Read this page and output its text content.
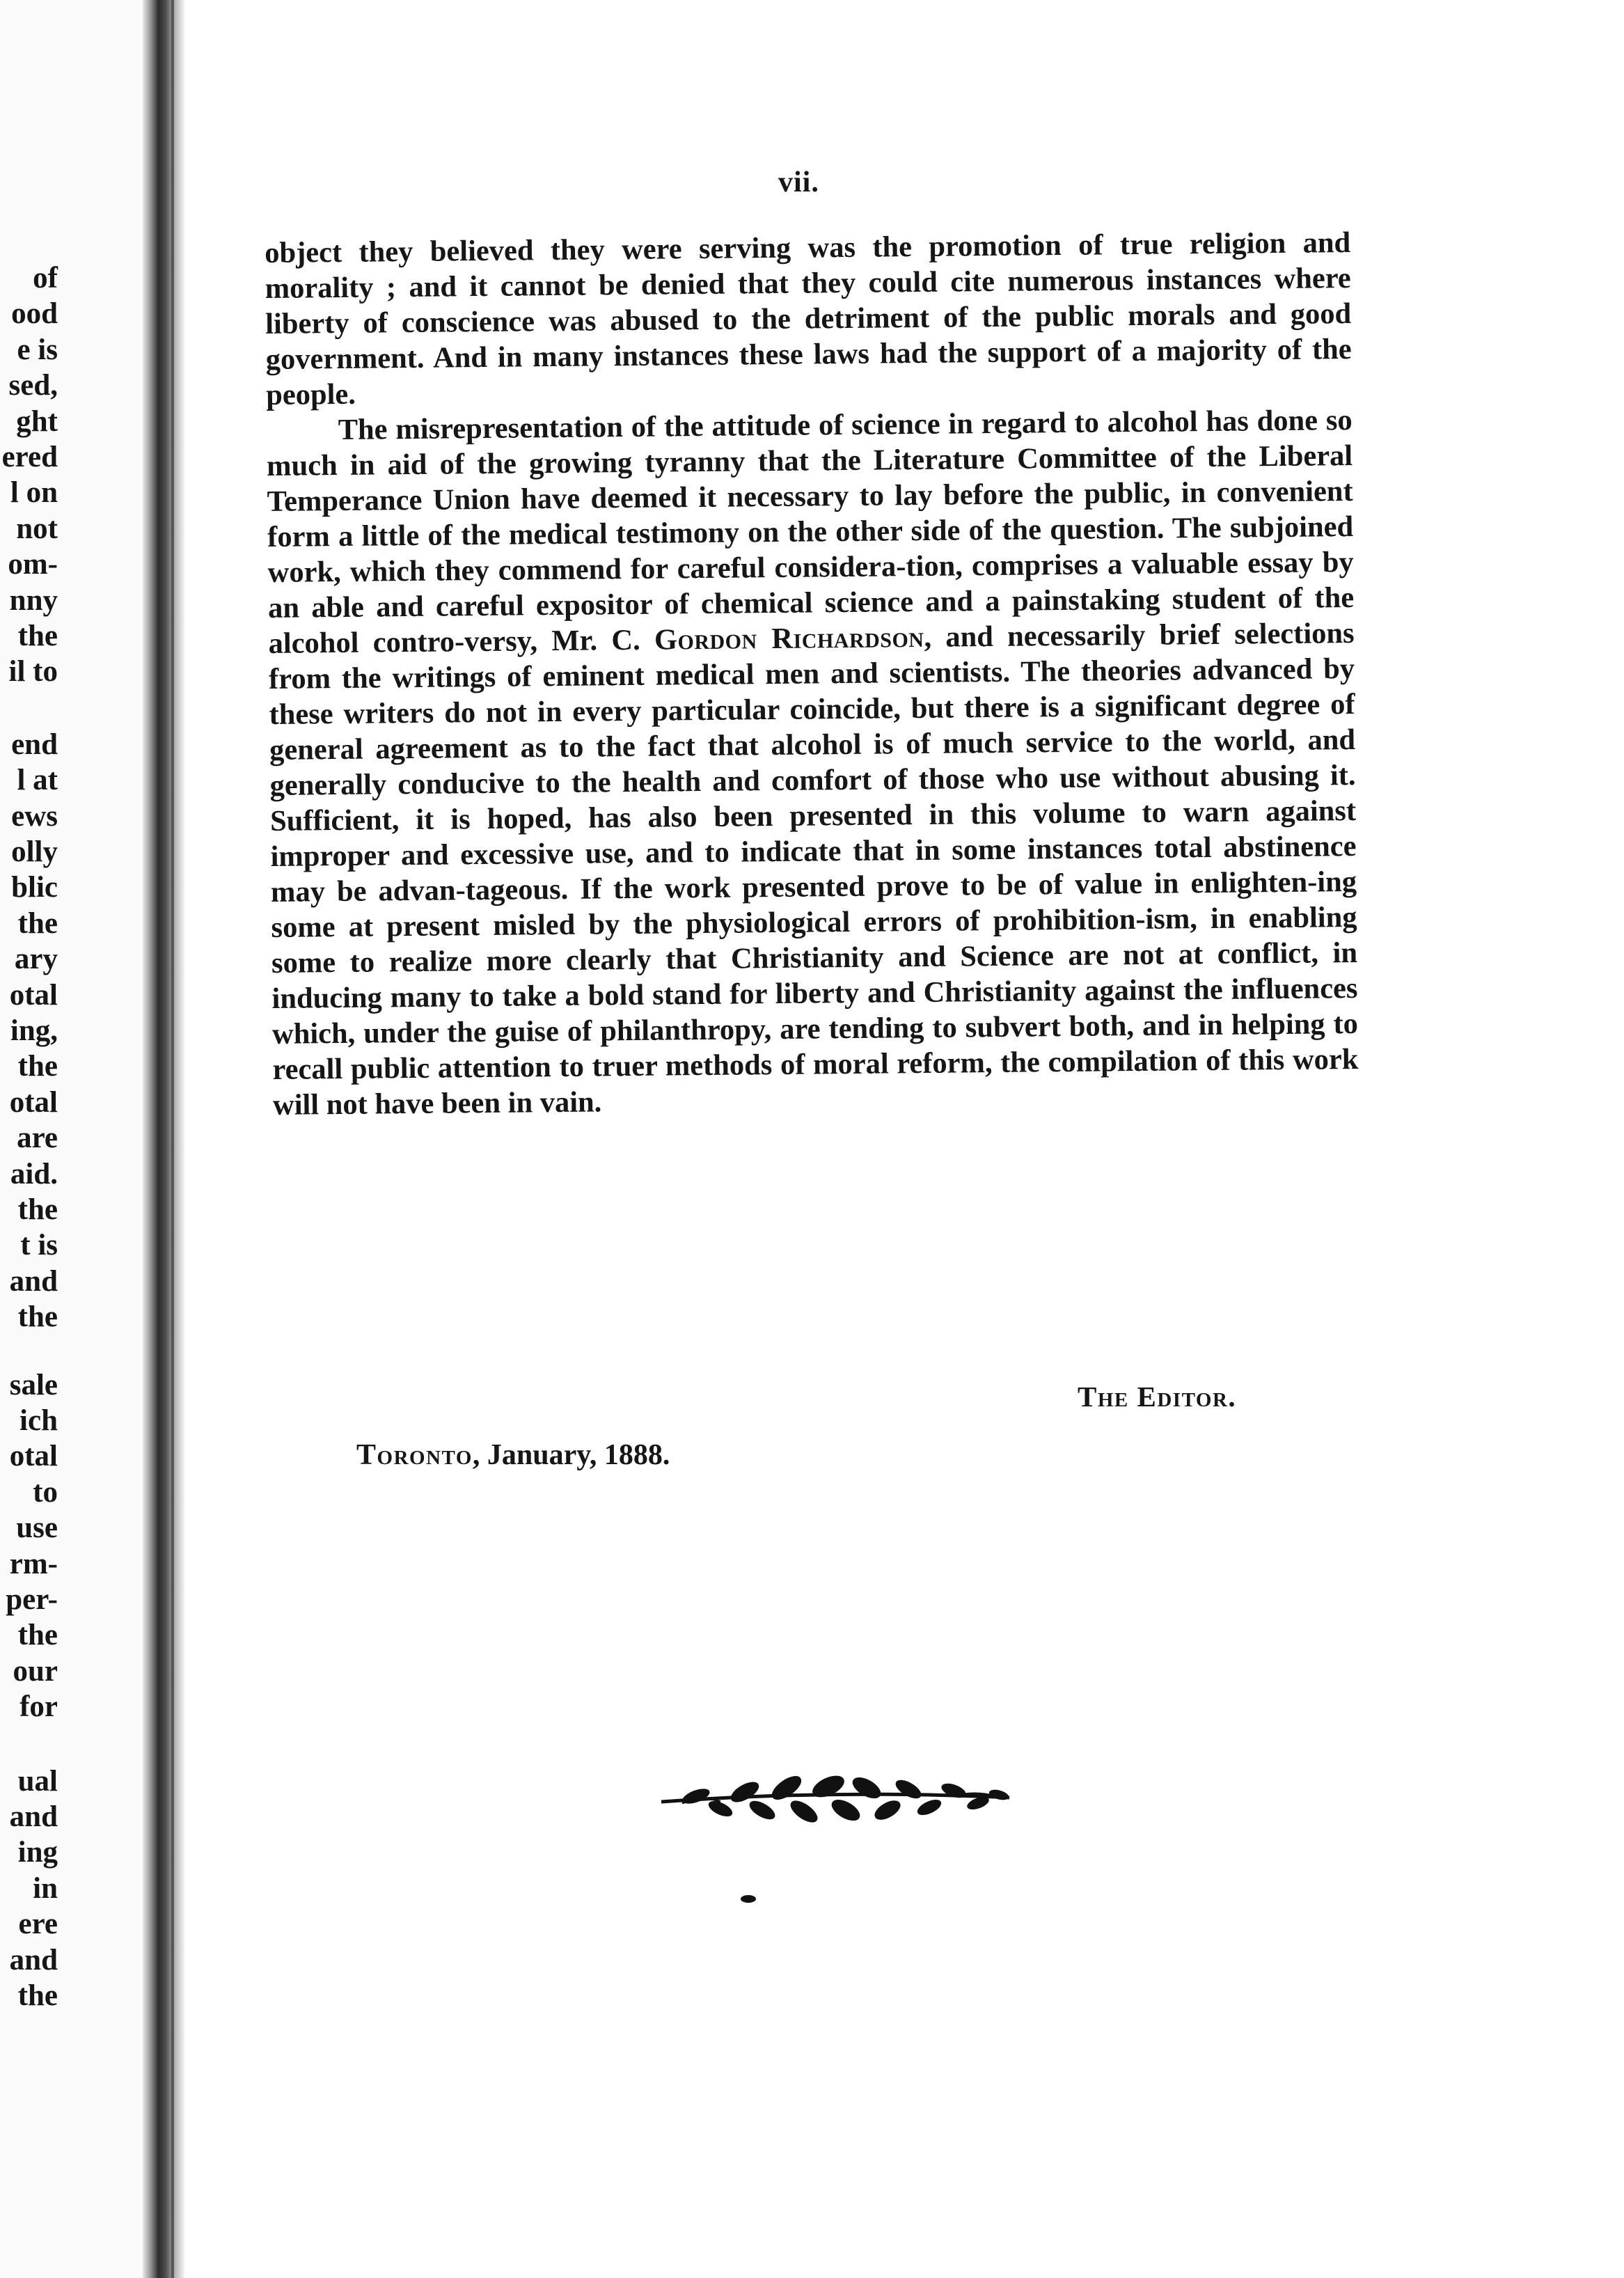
of
ood
e is
sed,
ght
ered
l on
not
om-
nny
the
il to
end
l at
ews
olly
blic
the
ary
otal
ing,
the
otal
are
aid.
the
t is
and
the
sale
ich
otal
to
use
rm-
per-
the
our
for
ual
and
ing
in
ere
and
the
vii.

object they believed they were serving was the promotion of true religion and morality ; and it cannot be denied that they could cite numerous instances where liberty of conscience was abused to the detriment of the public morals and good government. And in many instances these laws had the support of a majority of the people.

The misrepresentation of the attitude of science in regard to alcohol has done so much in aid of the growing tyranny that the Literature Committee of the Liberal Temperance Union have deemed it necessary to lay before the public, in convenient form a little of the medical testimony on the other side of the question. The subjoined work, which they commend for careful considera-tion, comprises a valuable essay by an able and careful expositor of chemical science and a painstaking student of the alcohol contro-versy, Mr. C. Gordon Richardson, and necessarily brief selections from the writings of eminent medical men and scientists. The theories advanced by these writers do not in every particular coincide, but there is a significant degree of general agreement as to the fact that alcohol is of much service to the world, and generally conducive to the health and comfort of those who use without abusing it. Sufficient, it is hoped, has also been presented in this volume to warn against improper and excessive use, and to indicate that in some instances total abstinence may be advan-tageous. If the work presented prove to be of value in enlighten-ing some at present misled by the physiological errors of prohibition-ism, in enabling some to realize more clearly that Christianity and Science are not at conflict, in inducing many to take a bold stand for liberty and Christianity against the influences which, under the guise of philanthropy, are tending to subvert both, and in helping to recall public attention to truer methods of moral reform, the compilation of this work will not have been in vain.

The Editor.
Toronto, January, 1888.
